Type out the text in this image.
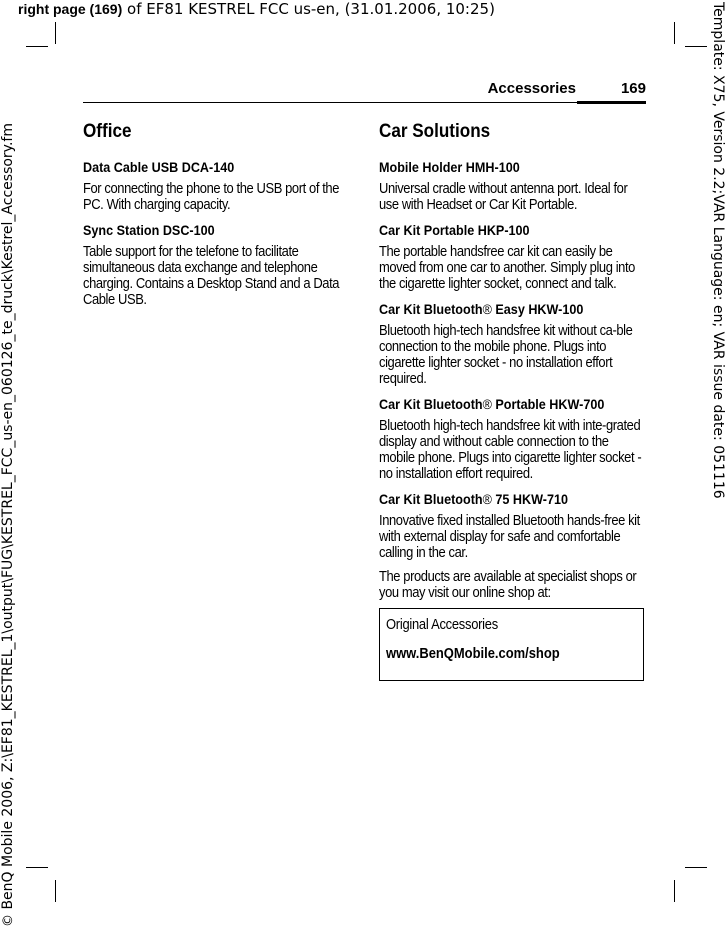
right page (169) of EF81 KESTREL FCC us-en, (31.01.2006, 10:25)
© BenQ Mobile 2006, Z:\EF81_KESTREL_1\output\FUG\KESTREL_FCC_us-en_060126_te_druck\Kestrel_Accessory.fm	Template: X75, Version 2.2;VAR Language: en; VAR issue date: 051116
Accessories	169
Office
Data Cable USB DCA-140
For connecting the phone to the USB port of the PC. With charging capacity.
Sync Station DSC-100
Table support for the telefone to facilitate simultaneous data exchange and telephone charging. Contains a Desktop Stand and a Data Cable USB.
Car Solutions
Mobile Holder HMH-100
Universal cradle without antenna port. Ideal for use with Headset or Car Kit Portable.
Car Kit Portable HKP-100
The portable handsfree car kit can easily be moved from one car to another. Simply plug into the cigarette lighter socket, connect and talk.
Car Kit Bluetooth® Easy HKW-100
Bluetooth high-tech handsfree kit without ca-ble connection to the mobile phone. Plugs into cigarette lighter socket - no installation effort required.
Car Kit Bluetooth® Portable HKW-700
Bluetooth high-tech handsfree kit with inte-grated display and without cable connection to the mobile phone. Plugs into cigarette lighter socket - no installation effort required.
Car Kit Bluetooth® 75 HKW-710
Innovative fixed installed Bluetooth hands-free kit with external display for safe and comfortable calling in the car.
The products are available at specialist shops or you may visit our online shop at:
Original Accessories
www.BenQMobile.com/shop
